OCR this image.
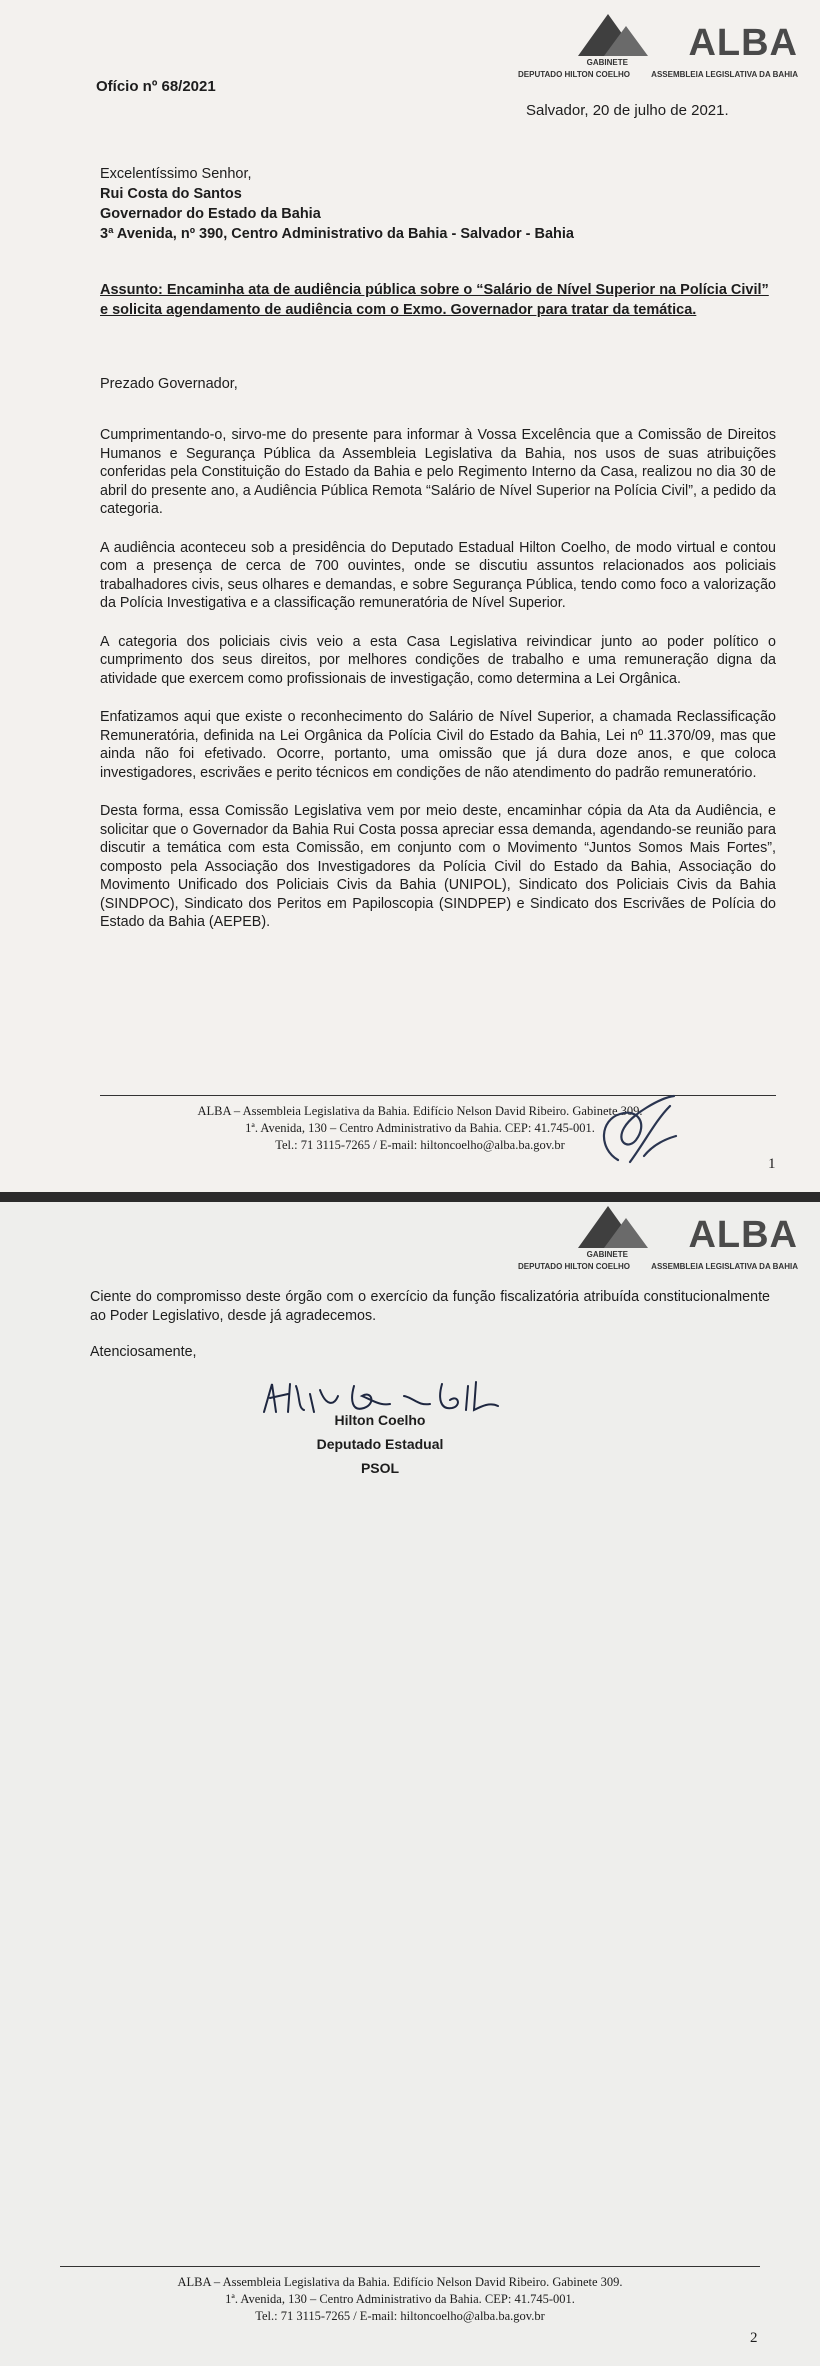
ALBA
GABINETE
DEPUTADO HILTON COELHO	ASSEMBLEIA LEGISLATIVA DA BAHIA
Ofício nº 68/2021
Salvador, 20 de julho de 2021.
Excelentíssimo Senhor,
Rui Costa do Santos
Governador do Estado da Bahia
3ª Avenida, nº 390, Centro Administrativo da Bahia - Salvador - Bahia
Assunto: Encaminha ata de audiência pública sobre o “Salário de Nível Superior na Polícia Civil” e solicita agendamento de audiência com o Exmo. Governador para tratar da temática.
Prezado Governador,

Cumprimentando-o, sirvo-me do presente para informar à Vossa Excelência que a Comissão de Direitos Humanos e Segurança Pública da Assembleia Legislativa da Bahia, nos usos de suas atribuições conferidas pela Constituição do Estado da Bahia e pelo Regimento Interno da Casa, realizou no dia 30 de abril do presente ano, a Audiência Pública Remota “Salário de Nível Superior na Polícia Civil”, a pedido da categoria.

A audiência aconteceu sob a presidência do Deputado Estadual Hilton Coelho, de modo virtual e contou com a presença de cerca de 700 ouvintes, onde se discutiu assuntos relacionados aos policiais trabalhadores civis, seus olhares e demandas, e sobre Segurança Pública, tendo como foco a valorização da Polícia Investigativa e a classificação remuneratória de Nível Superior.

A categoria dos policiais civis veio a esta Casa Legislativa reivindicar junto ao poder político o cumprimento dos seus direitos, por melhores condições de trabalho e uma remuneração digna da atividade que exercem como profissionais de investigação, como determina a Lei Orgânica.

Enfatizamos aqui que existe o reconhecimento do Salário de Nível Superior, a chamada Reclassificação Remuneratória, definida na Lei Orgânica da Polícia Civil do Estado da Bahia, Lei nº 11.370/09, mas que ainda não foi efetivado. Ocorre, portanto, uma omissão que já dura doze anos, e que coloca investigadores, escrivães e perito técnicos em condições de não atendimento do padrão remuneratório.

Desta forma, essa Comissão Legislativa vem por meio deste, encaminhar cópia da Ata da Audiência, e solicitar que o Governador da Bahia Rui Costa possa apreciar essa demanda, agendando-se reunião para discutir a temática com esta Comissão, em conjunto com o Movimento “Juntos Somos Mais Fortes”, composto pela Associação dos Investigadores da Polícia Civil do Estado da Bahia, Associação do Movimento Unificado dos Policiais Civis da Bahia (UNIPOL), Sindicato dos Policiais Civis da Bahia (SINDPOC), Sindicato dos Peritos em Papiloscopia (SINDPEP) e Sindicato dos Escrivães de Polícia do Estado da Bahia (AEPEB).

ALBA – Assembleia Legislativa da Bahia. Edifício Nelson David Ribeiro. Gabinete 309.
1ª. Avenida, 130 – Centro Administrativo da Bahia. CEP: 41.745-001.
Tel.: 71 3115-7265 / E-mail: hiltoncoelho@alba.ba.gov.br
1
ALBA
GABINETE
DEPUTADO HILTON COELHO	ASSEMBLEIA LEGISLATIVA DA BAHIA
Ciente do compromisso deste órgão com o exercício da função fiscalizatória atribuída constitucionalmente ao Poder Legislativo, desde já agradecemos.
Atenciosamente,
Hilton Coelho
Deputado Estadual
PSOL
ALBA – Assembleia Legislativa da Bahia. Edifício Nelson David Ribeiro. Gabinete 309.
1ª. Avenida, 130 – Centro Administrativo da Bahia. CEP: 41.745-001.
Tel.: 71 3115-7265 / E-mail: hiltoncoelho@alba.ba.gov.br
2
